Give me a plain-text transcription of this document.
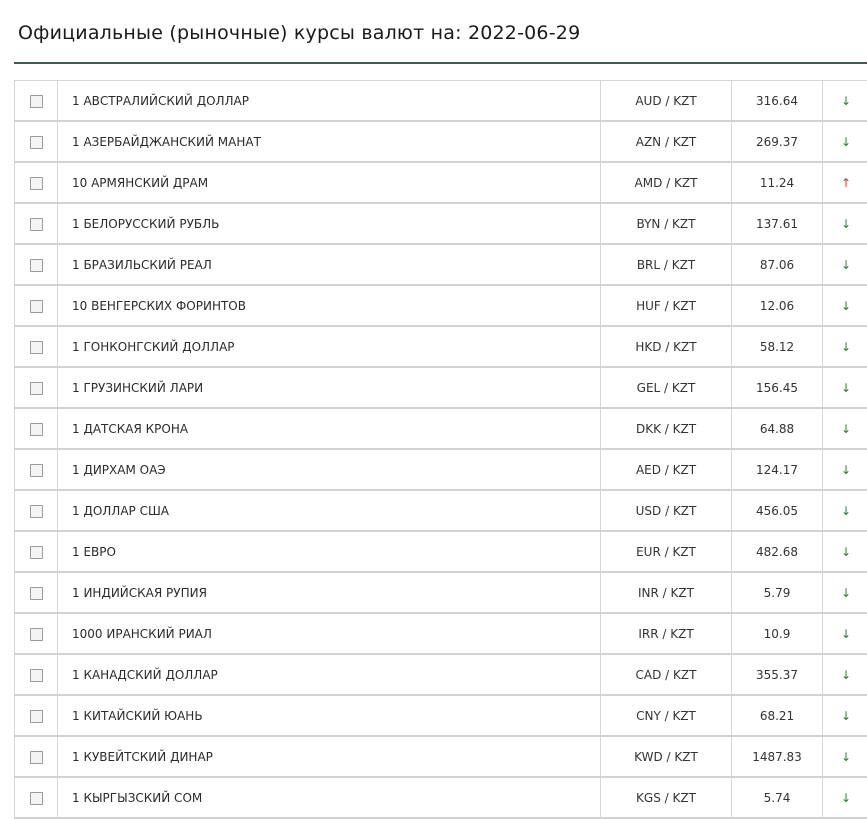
Официальные (рыночные) курсы валют на: 2022-06-29
	1 АВСТРАЛИЙСКИЙ ДОЛЛАР	AUD / KZT	316.64	↓
	1 АЗЕРБАЙДЖАНСКИЙ МАНАТ	AZN / KZT	269.37	↓
	10 АРМЯНСКИЙ ДРАМ	AMD / KZT	11.24	↑
	1 БЕЛОРУССКИЙ РУБЛЬ	BYN / KZT	137.61	↓
	1 БРАЗИЛЬСКИЙ РЕАЛ	BRL / KZT	87.06	↓
	10 ВЕНГЕРСКИХ ФОРИНТОВ	HUF / KZT	12.06	↓
	1 ГОНКОНГСКИЙ ДОЛЛАР	HKD / KZT	58.12	↓
	1 ГРУЗИНСКИЙ ЛАРИ	GEL / KZT	156.45	↓
	1 ДАТСКАЯ КРОНА	DKK / KZT	64.88	↓
	1 ДИРХАМ ОАЭ	AED / KZT	124.17	↓
	1 ДОЛЛАР США	USD / KZT	456.05	↓
	1 ЕВРО	EUR / KZT	482.68	↓
	1 ИНДИЙСКАЯ РУПИЯ	INR / KZT	5.79	↓
	1000 ИРАНСКИЙ РИАЛ	IRR / KZT	10.9	↓
	1 КАНАДСКИЙ ДОЛЛАР	CAD / KZT	355.37	↓
	1 КИТАЙСКИЙ ЮАНЬ	CNY / KZT	68.21	↓
	1 КУВЕЙТСКИЙ ДИНАР	KWD / KZT	1487.83	↓
	1 КЫРГЫЗСКИЙ СОМ	KGS / KZT	5.74	↓
